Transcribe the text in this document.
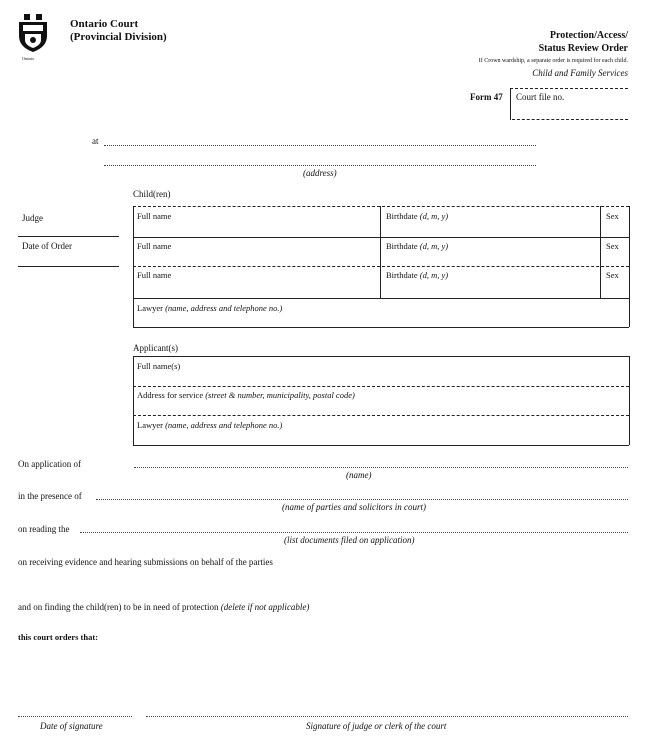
Ontario
Ontario Court
(Provincial Division)	Protection/Access/
Status Review Order
If Crown wardship, a separate order is required for each child.
Child and Family Services
Form 47 Court file no.
at
(address)
Judge
Date of Order
Child(ren)
Full name	Birthdate (d, m, y)	Sex
Full name	Birthdate (d, m, y)	Sex
Full name	Birthdate (d, m, y)	Sex
Lawyer (name, address and telephone no.)
Applicant(s)
Full name(s)
Address for service (street & number, municipality, postal code)
Lawyer (name, address and telephone no.)
On application of
(name)
in the presence of
(name of parties and solicitors in court)
on reading the
(list documents filed on application)
on receiving evidence and hearing submissions on behalf of the parties
and on finding the child(ren) to be in need of protection (delete if not applicable)
this court orders that:
Date of signature	Signature of judge or clerk of the court
